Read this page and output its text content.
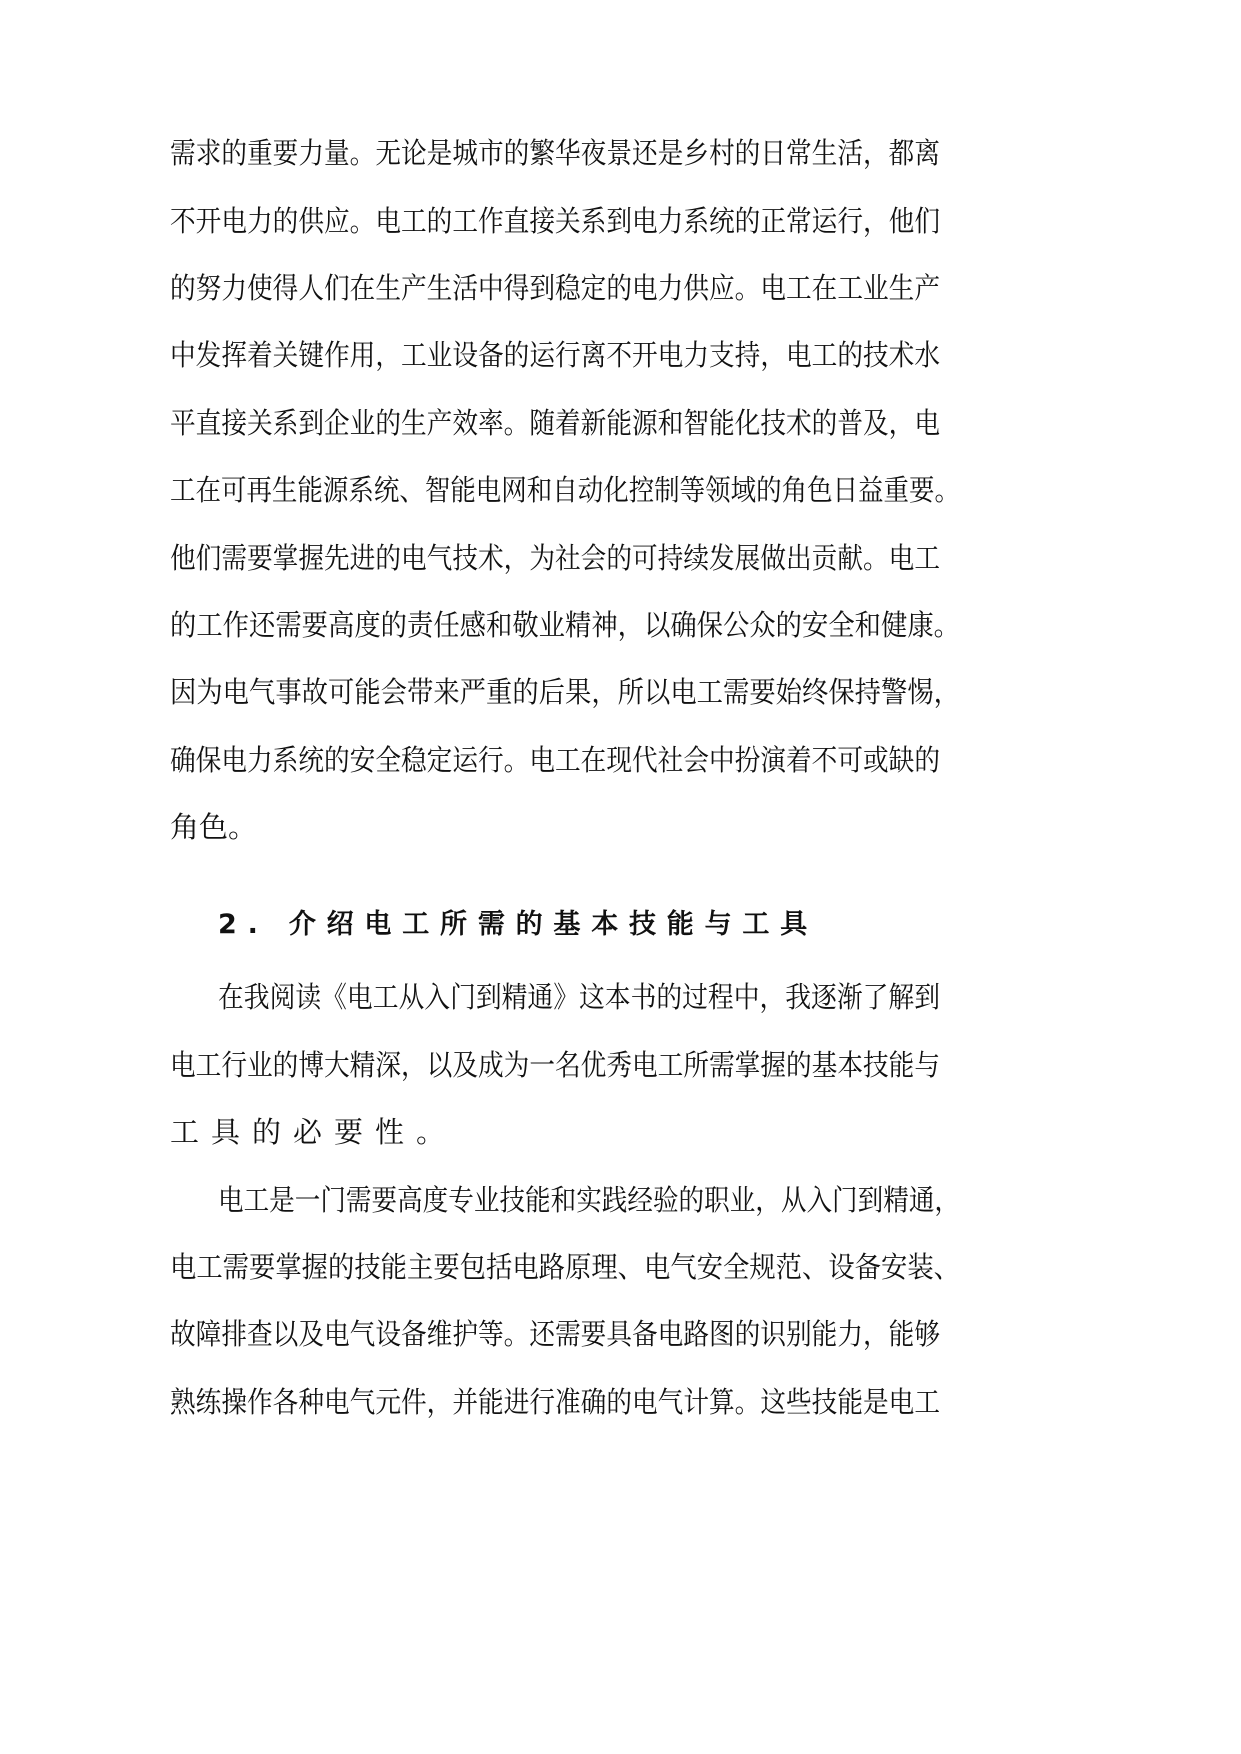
需求的重要力量。无论是城市的繁华夜景还是乡村的日常生活，都离

不开电力的供应。电工的工作直接关系到电力系统的正常运行，他们

的努力使得人们在生产生活中得到稳定的电力供应。电工在工业生产

中发挥着关键作用，工业设备的运行离不开电力支持，电工的技术水

平直接关系到企业的生产效率。随着新能源和智能化技术的普及，电

工在可再生能源系统、智能电网和自动化控制等领域的角色日益重要。

他们需要掌握先进的电气技术，为社会的可持续发展做出贡献。电工

的工作还需要高度的责任感和敬业精神，以确保公众的安全和健康。

因为电气事故可能会带来严重的后果，所以电工需要始终保持警惕，

确保电力系统的安全稳定运行。电工在现代社会中扮演着不可或缺的

角色。

2. 介绍电工所需的基本技能与工具

在我阅读《电工从入门到精通》这本书的过程中，我逐渐了解到

电工行业的博大精深，以及成为一名优秀电工所需掌握的基本技能与

工具的必要性。

电工是一门需要高度专业技能和实践经验的职业，从入门到精通，

电工需要掌握的技能主要包括电路原理、电气安全规范、设备安装、

故障排查以及电气设备维护等。还需要具备电路图的识别能力，能够

熟练操作各种电气元件，并能进行准确的电气计算。这些技能是电工
